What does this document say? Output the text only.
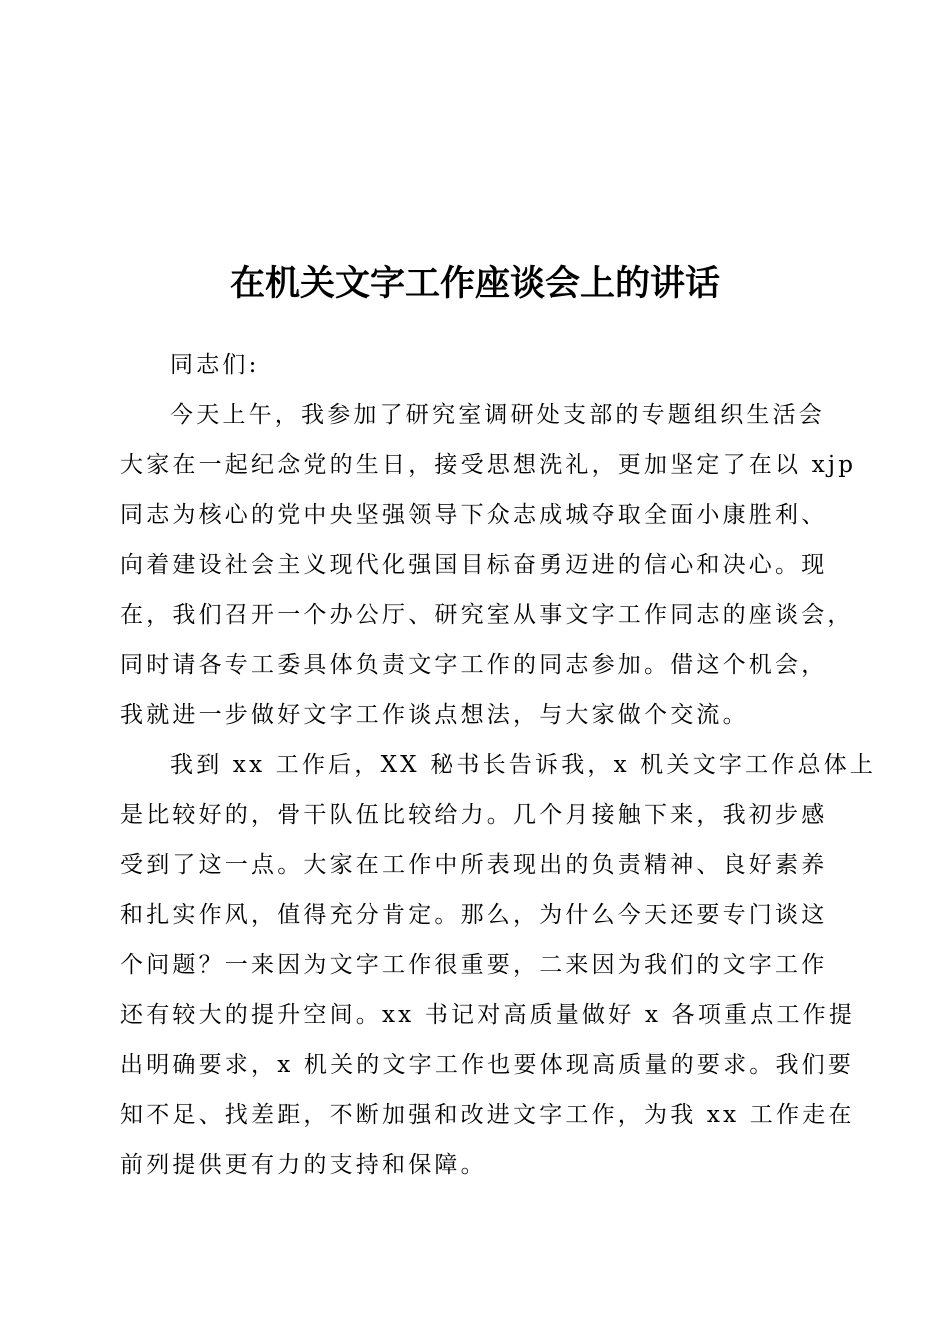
在机关文字工作座谈会上的讲话
同志们:
今天上午，我参加了研究室调研处支部的专题组织生活会
大家在一起纪念党的生日，接受思想洗礼，更加坚定了在以 xjp
同志为核心的党中央坚强领导下众志成城夺取全面小康胜利、
向着建设社会主义现代化强国目标奋勇迈进的信心和决心。现
在，我们召开一个办公厅、研究室从事文字工作同志的座谈会，
同时请各专工委具体负责文字工作的同志参加。借这个机会，
我就进一步做好文字工作谈点想法，与大家做个交流。
我到 xx 工作后，XX 秘书长告诉我，x 机关文字工作总体上
是比较好的，骨干队伍比较给力。几个月接触下来，我初步感
受到了这一点。大家在工作中所表现出的负责精神、良好素养
和扎实作风，值得充分肯定。那么，为什么今天还要专门谈这
个问题？一来因为文字工作很重要，二来因为我们的文字工作
还有较大的提升空间。xx 书记对高质量做好 x 各项重点工作提
出明确要求，x 机关的文字工作也要体现高质量的要求。我们要
知不足、找差距，不断加强和改进文字工作，为我 xx 工作走在
前列提供更有力的支持和保障。
